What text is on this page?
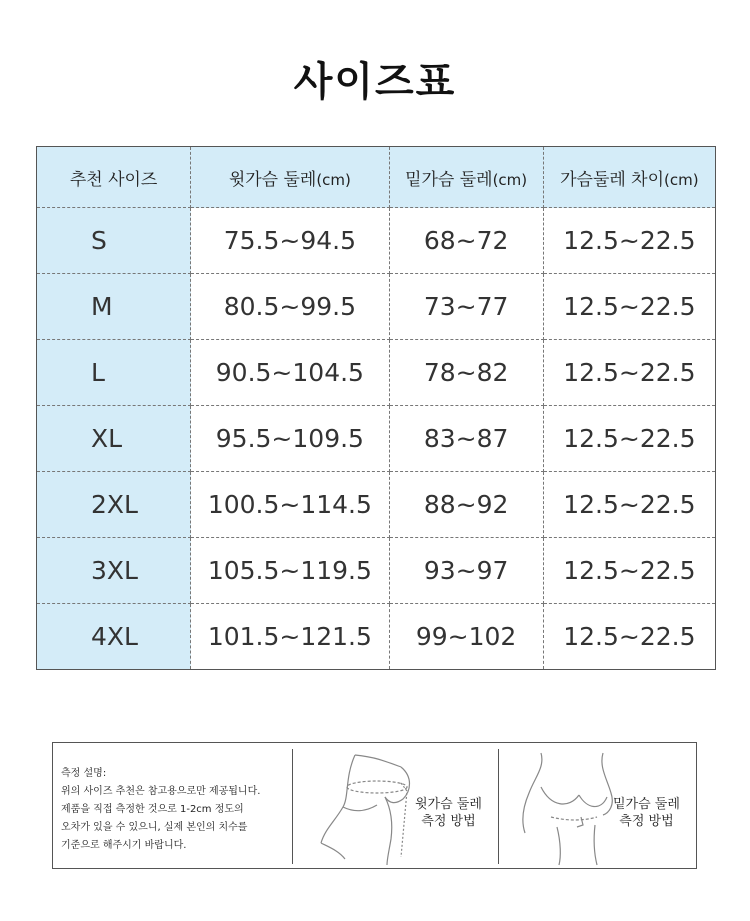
사이즈표
추천 사이즈	윗가슴 둘레(cm)	밑가슴 둘레(cm)	가슴둘레 차이(cm)
S	75.5~94.5	68~72	12.5~22.5
M	80.5~99.5	73~77	12.5~22.5
L	90.5~104.5	78~82	12.5~22.5
XL	95.5~109.5	83~87	12.5~22.5
2XL	100.5~114.5	88~92	12.5~22.5
3XL	105.5~119.5	93~97	12.5~22.5
4XL	101.5~121.5	99~102	12.5~22.5
측정 설명:
위의 사이즈 추천은 참고용으로만 제공됩니다.
제품을 직접 측정한 것으로 1-2cm 정도의
오차가 있을 수 있으니, 실제 본인의 치수를
기준으로 해주시기 바랍니다.
윗가슴 둘레
측정 방법
밑가슴 둘레
측정 방법
